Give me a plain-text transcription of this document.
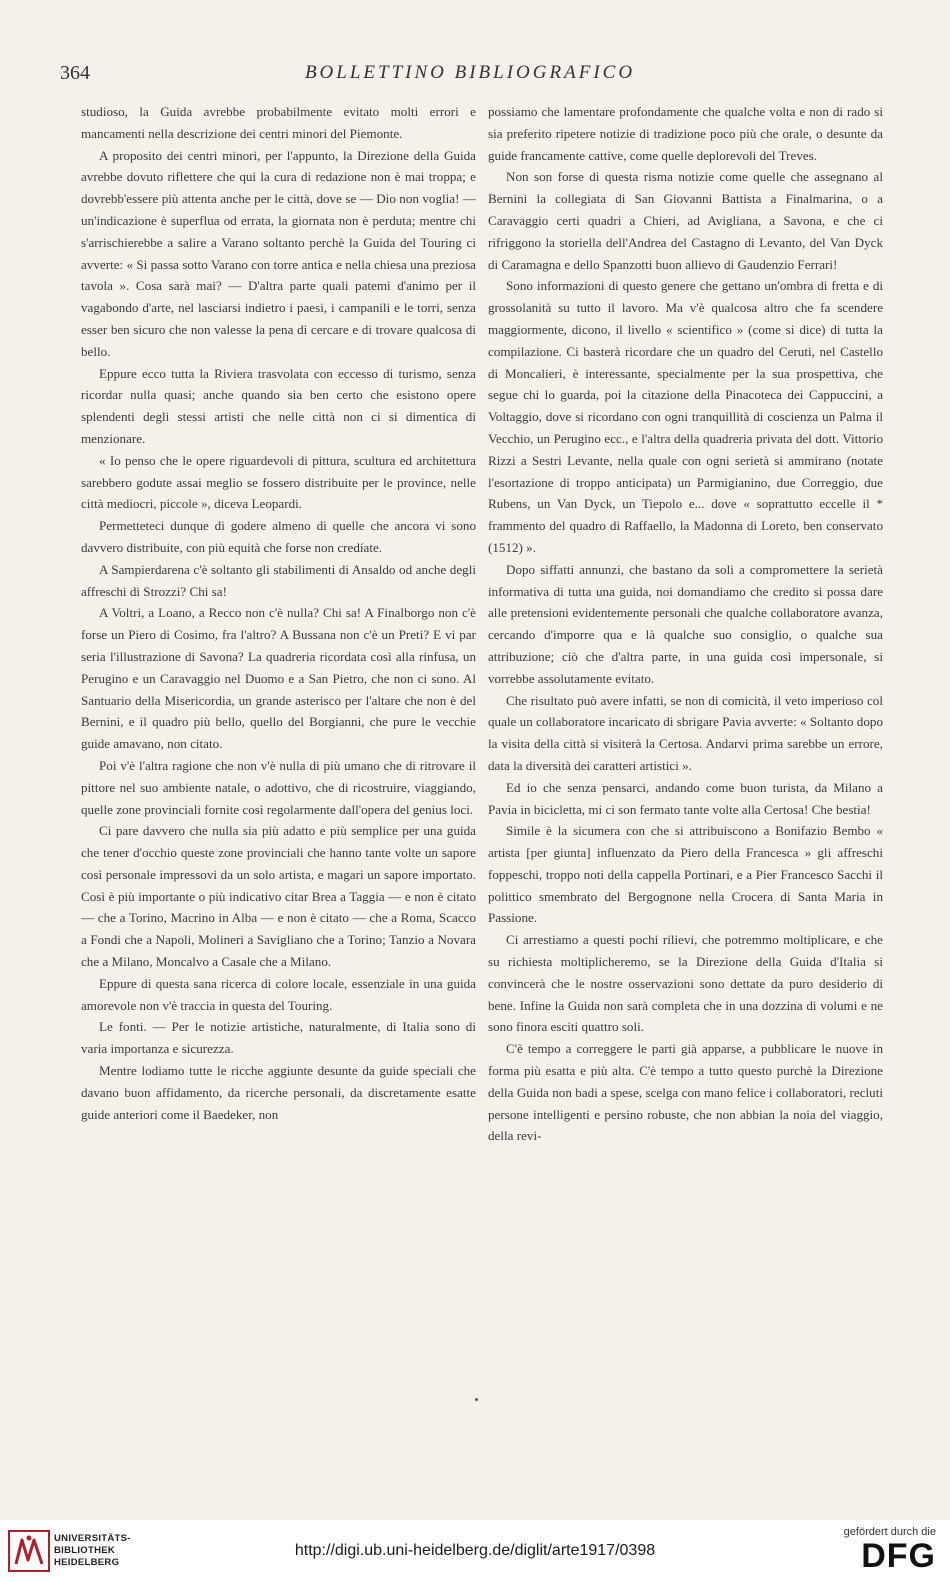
364	BOLLETTINO BIBLIOGRAFICO

studioso, la Guida avrebbe probabilmente evitato molti errori e mancamenti nella descrizione dei centri minori del Piemonte.

A proposito dei centri minori, per l'appunto, la Direzione della Guida avrebbe dovuto riflettere che qui la cura di redazione non è mai troppa; e dovrebb'essere più attenta anche per le città, dove se — Dio non voglia! — un'indicazione è superflua od errata, la giornata non è perduta; mentre chi s'arrischierebbe a salire a Varano soltanto perchè la Guida del Touring ci avverte: « Si passa sotto Varano con torre antica e nella chiesa una preziosa tavola ». Cosa sarà mai? — D'altra parte quali patemi d'animo per il vagabondo d'arte, nel lasciarsi indietro i paesi, i campanili e le torri, senza esser ben sicuro che non valesse la pena di cercare e di trovare qualcosa di bello.

Eppure ecco tutta la Riviera trasvolata con eccesso di turismo, senza ricordar nulla quasi; anche quando sia ben certo che esistono opere splendenti degli stessi artisti che nelle città non ci si dimentica di menzionare.

« Io penso che le opere riguardevoli di pittura, scultura ed architettura sarebbero godute assai meglio se fossero distribuite per le province, nelle città mediocri, piccole », diceva Leopardi.

Permetteteci dunque di godere almeno di quelle che ancora vi sono davvero distribuite, con più equità che forse non credíate.

A Sampierdarena c'è soltanto gli stabilimenti di Ansaldo od anche degli affreschi di Strozzi? Chi sa!

A Voltri, a Loano, a Recco non c'è nulla? Chi sa! A Finalborgo non c'è forse un Piero di Cosimo, fra l'altro? A Bussana non c'è un Preti? E vi par seria l'illustrazione di Savona? La quadreria ricordata così alla rinfusa, un Perugino e un Caravaggio nel Duomo e a San Pietro, che non ci sono. Al Santuario della Misericordia, un grande asterisco per l'altare che non è del Bernini, e il quadro più bello, quello del Borgianni, che pure le vecchie guide amavano, non citato.

Poi v'è l'altra ragione che non v'è nulla di più umano che di ritrovare il pittore nel suo ambiente natale, o adottivo, che di ricostruire, viaggiando, quelle zone provinciali fornite così regolarmente dall'opera del genius loci.

Ci pare davvero che nulla sia più adatto e più semplice per una guida che tener d'occhio queste zone provinciali che hanno tante volte un sapore così personale impressovi da un solo artista, e magari un sapore importato. Così è più importante o più indicativo citar Brea a Taggia — e non è citato — che a Torino, Macrino in Alba — e non è citato — che a Roma, Scacco a Fondi che a Napoli, Molineri a Savigliano che a Torino; Tanzio a Novara che a Milano, Moncalvo a Casale che a Milano.

Eppure di questa sana ricerca di colore locale, essenziale in una guida amorevole non v'è traccia in questa del Touring.

Le fonti. — Per le notizie artistiche, naturalmente, di Italia sono di varia importanza e sicurezza.

Mentre lodiamo tutte le ricche aggiunte desunte da guide speciali che davano buon affidamento, da ricerche personali, da discretamente esatte guide anteriori come il Baedeker, non

possiamo che lamentare profondamente che qualche volta e non di rado si sia preferito ripetere notizie di tradizione poco più che orale, o desunte da guide francamente cattive, come quelle deplorevoli del Treves.

Non son forse di questa risma notizie come quelle che assegnano al Bernini la collegiata di San Giovanni Battista a Finalmarina, o a Caravaggio certi quadri a Chieri, ad Avigliana, a Savona, e che ci rifriggono la storiella dell'Andrea del Castagno di Levanto, del Van Dyck di Caramagna e dello Spanzotti buon allievo di Gaudenzio Ferrari!

Sono informazioni di questo genere che gettano un'ombra di fretta e di grossolanità su tutto il lavoro. Ma v'è qualcosa altro che fa scendere maggiormente, dicono, il livello « scientifico » (come si dice) di tutta la compilazione. Ci basterà ricordare che un quadro del Ceruti, nel Castello di Moncalieri, è interessante, specialmente per la sua prospettiva, che segue chi lo guarda, poi la citazione della Pinacoteca dei Cappuccini, a Voltaggio, dove si ricordano con ogni tranquillità di coscienza un Palma il Vecchio, un Perugino ecc., e l'altra della quadreria privata del dott. Vittorio Rizzi a Sestri Levante, nella quale con ogni serietà si ammirano (notate l'esortazione di troppo anticipata) un Parmigianino, due Correggio, due Rubens, un Van Dyck, un Tiepolo e... dove « soprattutto eccelle il * frammento del quadro di Raffaello, la Madonna di Loreto, ben conservato (1512) ».

Dopo siffatti annunzi, che bastano da soli a compromettere la serietà informativa di tutta una guida, noi domandiamo che credito si possa dare alle pretensioni evidentemente personali che qualche collaboratore avanza, cercando d'imporre qua e là qualche suo consiglio, o qualche sua attribuzione; ciò che d'altra parte, in una guida così impersonale, si vorrebbe assolutamente evitato.

Che risultato può avere infatti, se non di comicità, il veto imperioso col quale un collaboratore incaricato di sbrigare Pavia avverte: « Soltanto dopo la visita della città si visiterà la Certosa. Andarvi prima sarebbe un errore, data la diversità dei caratteri artistici ».

Ed io che senza pensarci, andando come buon turista, da Milano a Pavia in bicicletta, mi ci son fermato tante volte alla Certosa! Che bestia!

Simile è la sicumera con che si attribuiscono a Bonifazio Bembo « artista [per giunta] influenzato da Piero della Francesca » gli affreschi foppeschi, troppo noti della cappella Portinari, e a Pier Francesco Sacchi il polittico smembrato del Bergognone nella Crocera di Santa Maria in Passione.

Ci arrestiamo a questi pochi rilievi, che potremmo moltiplicare, e che su richiesta moltiplicheremo, se la Direzione della Guida d'Italia si convincerà che le nostre osservazioni sono dettate da puro desiderio di bene. Infine la Guida non sarà completa che in una dozzina di volumi e ne sono finora esciti quattro soli.

C'è tempo a correggere le parti già apparse, a pubblicare le nuove in forma più esatta e più alta. C'è tempo a tutto questo purchè la Direzione della Guida non badi a spese, scelga con mano felice i collaboratori, recluti persone intelligenti e persino robuste, che non abbian la noia del viaggio, della revi-

UNIVERSITÄTS-
BIBLIOTHEK
HEIDELBERG
http://digi.ub.uni-heidelberg.de/diglit/arte1917/0398
gefördert durch die
DFG
